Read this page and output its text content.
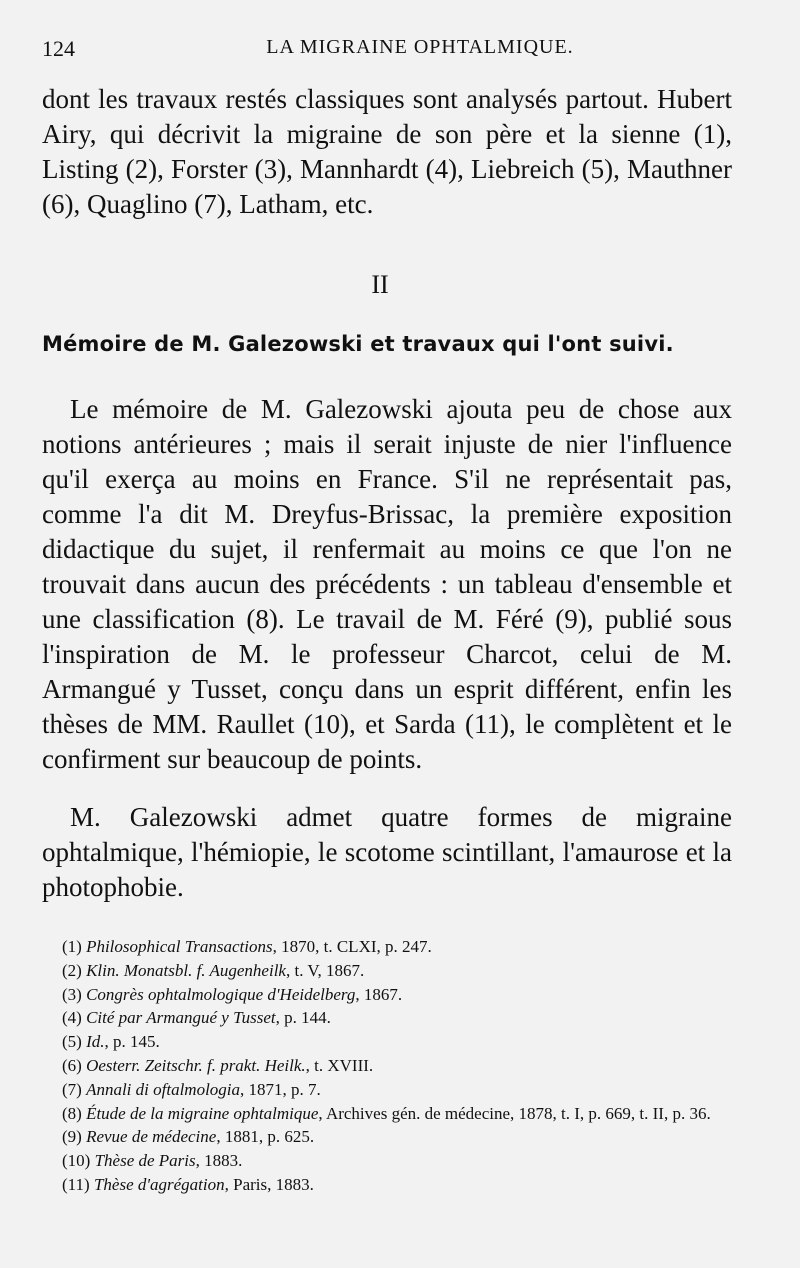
124	LA MIGRAINE OPHTALMIQUE.
dont les travaux restés classiques sont analysés partout. Hubert Airy, qui décrivit la migraine de son père et la sienne (1), Listing (2), Forster (3), Mannhardt (4), Liebreich (5), Mauthner (6), Quaglino (7), Latham, etc.
II
Mémoire de M. Galezowski et travaux qui l'ont suivi.
Le mémoire de M. Galezowski ajouta peu de chose aux notions antérieures ; mais il serait injuste de nier l'influence qu'il exerça au moins en France. S'il ne représentait pas, comme l'a dit M. Dreyfus-Brissac, la première exposition didactique du sujet, il renfermait au moins ce que l'on ne trouvait dans aucun des précédents : un tableau d'ensemble et une classification (8). Le travail de M. Féré (9), publié sous l'inspiration de M. le professeur Charcot, celui de M. Armangué y Tusset, conçu dans un esprit différent, enfin les thèses de MM. Raullet (10), et Sarda (11), le complètent et le confirment sur beaucoup de points.
M. Galezowski admet quatre formes de migraine ophtalmique, l'hémiopie, le scotome scintillant, l'amaurose et la photophobie.
(1) Philosophical Transactions, 1870, t. CLXI, p. 247.
(2) Klin. Monatsbl. f. Augenheilk, t. V, 1867.
(3) Congrès ophtalmologique d'Heidelberg, 1867.
(4) Cité par Armangué y Tusset, p. 144.
(5) Id., p. 145.
(6) Oesterr. Zeitschr. f. prakt. Heilk., t. XVIII.
(7) Annali di oftalmologia, 1871, p. 7.
(8) Étude de la migraine ophtalmique, Archives gén. de médecine, 1878, t. I, p. 669, t. II, p. 36.
(9) Revue de médecine, 1881, p. 625.
(10) Thèse de Paris, 1883.
(11) Thèse d'agrégation, Paris, 1883.
